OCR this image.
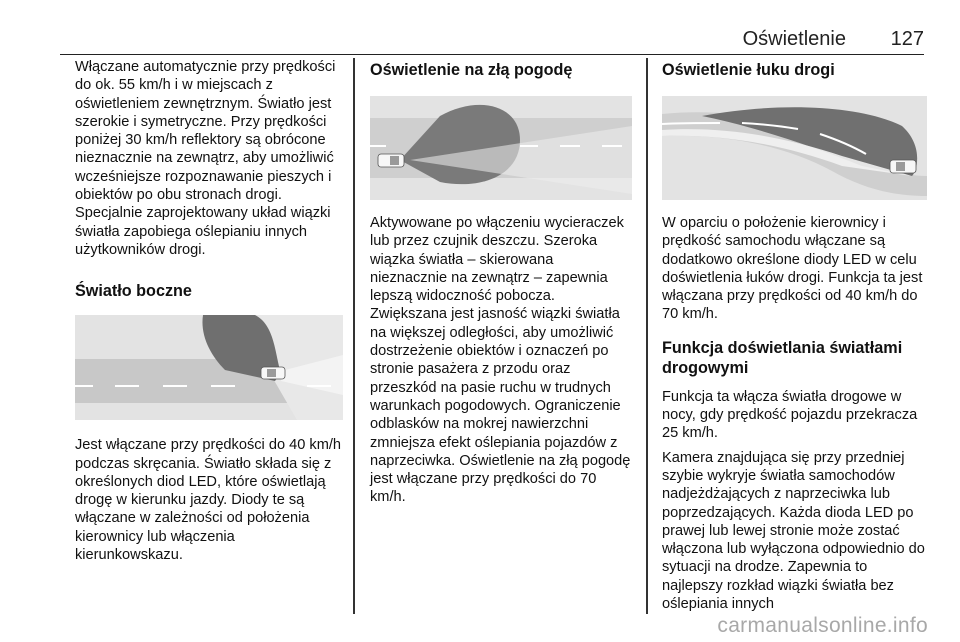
Oświetlenie 127

Włączane automatycznie przy prędkości do ok. 55 km/h i w miejscach z oświetleniem zewnętrznym. Światło jest szerokie i symetryczne. Przy prędkości poniżej 30 km/h reflektory są obrócone nieznacznie na zewnątrz, aby umożliwić wcześniejsze rozpoznawanie pieszych i obiektów po obu stronach drogi. Specjalnie zaprojektowany układ wiązki światła zapobiega oślepianiu innych użytkowników drogi.

Światło boczne

Jest włączane przy prędkości do 40 km/h podczas skręcania. Światło składa się z określonych diod LED, które oświetlają drogę w kierunku jazdy. Diody te są włączane w zależności od położenia kierownicy lub włączenia kierunkowskazu.

Oświetlenie na złą pogodę

Aktywowane po włączeniu wycieraczek lub przez czujnik deszczu. Szeroka wiązka światła – skierowana nieznacznie na zewnątrz – zapewnia lepszą widoczność pobocza. Zwiększana jest jasność wiązki światła na większej odległości, aby umożliwić dostrzeżenie obiektów i oznaczeń po stronie pasażera z przodu oraz przeszkód na pasie ruchu w trudnych warunkach pogodowych. Ograniczenie odblasków na mokrej nawierzchni zmniejsza efekt oślepiania pojazdów z naprzeciwka. Oświetlenie na złą pogodę jest włączane przy prędkości do 70 km/h.

Oświetlenie łuku drogi

W oparciu o położenie kierownicy i prędkość samochodu włączane są dodatkowo określone diody LED w celu doświetlenia łuków drogi. Funkcja ta jest włączana przy prędkości od 40 km/h do 70 km/h.

Funkcja doświetlania światłami drogowymi

Funkcja ta włącza światła drogowe w nocy, gdy prędkość pojazdu przekracza 25 km/h.

Kamera znajdująca się przy przedniej szybie wykryje światła samochodów nadjeżdżających z naprzeciwka lub poprzedzających. Każda dioda LED po prawej lub lewej stronie może zostać włączona lub wyłączona odpowiednio do sytuacji na drodze. Zapewnia to najlepszy rozkład wiązki światła bez oślepiania innych

carmanualsonline.info
